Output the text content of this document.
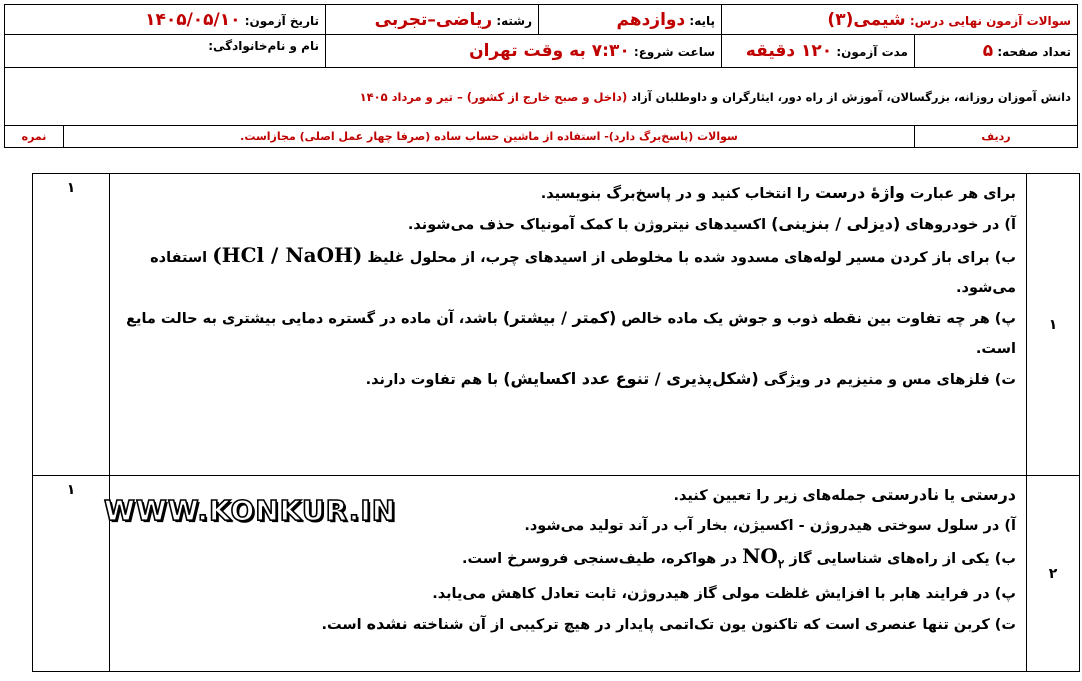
سوالات آزمون نهایی درس: شیمی(۳)		پایه: دوازدهم	رشته: ریاضی–تجربی	تاریخ آزمون: ۱۴۰۵/۰۵/۱۰	
تعداد صفحه: ۵	مدت آزمون: ۱۲۰ دقیقه	ساعت شروع: ۷:۳۰ به وقت تهران		نام و نام‌خانوادگی:	
دانش آموزان روزانه، بزرگسالان، آموزش از راه دور، ایثارگران و داوطلبان آزاد (داخل و صبح خارج از کشور) – تیر و مرداد ۱۴۰۵					
ردیف	سوالات (پاسخ‌برگ دارد)- استفاده از ماشین حساب ساده (صرفا چهار عمل اصلی) مجازاست.				نمره
۱	برای هر عبارت واژهٔ درست را انتخاب کنید و در پاسخ‌برگ بنویسید.

آ) در خودروهای (دیزلی / بنزینی) اکسیدهای نیتروژن با کمک آمونیاک حذف می‌شوند.

ب) برای باز کردن مسیر لوله‌های مسدود شده با مخلوطی از اسیدهای چرب، از محلول غلیظ (HCl / NaOH) استفاده می‌شود.

پ) هر چه تفاوت بین نقطه ذوب و جوش یک ماده خالص (کمتر / بیشتر) باشد، آن ماده در گستره دمایی بیشتری به حالت مایع است.

ت) فلزهای مس و منیزیم در ویژگی (شکل‌پذیری / تنوع عدد اکسایش) با هم تفاوت دارند.	۱
۲	درستی یا نادرستی جمله‌های زیر را تعیین کنید.

آ) در سلول سوختی هیدروژن - اکسیژن، بخار آب در آند تولید می‌شود.

ب) یکی از راه‌های شناسایی گاز $NO_۲$ در هواکره، طیف‌سنجی فروسرخ است.

پ) در فرایند هابر با افزایش غلظت مولی گاز هیدروژن، ثابت تعادل کاهش می‌یابد.

ت) کربن تنها عنصری است که تاکنون یون تک‌اتمی پایدار در هیچ ترکیبی از آن شناخته نشده است.	۱
WWW.KONKUR.IN
